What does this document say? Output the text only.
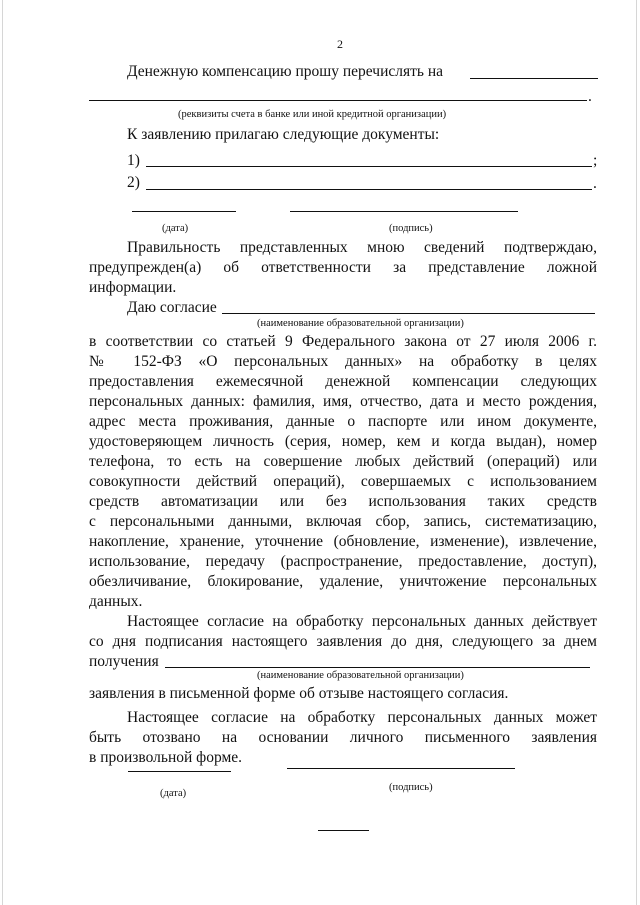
2
Денежную компенсацию прошу перечислять на
.
(реквизиты счета в банке или иной кредитной организации)
К заявлению прилагаю следующие документы:
1)	;
2)	.
(дата)	(подпись)
Правильность представленных мною сведений подтверждаю,
предупрежден(а) об ответственности за представление ложной
информации.
Даю согласие
(наименование образовательной организации)
в соответствии со статьей 9 Федерального закона от 27 июля 2006 г.
№ 152-ФЗ «О персональных данных» на обработку в целях
предоставления ежемесячной денежной компенсации следующих
персональных данных: фамилия, имя, отчество, дата и место рождения,
адрес места проживания, данные о паспорте или ином документе,
удостоверяющем личность (серия, номер, кем и когда выдан), номер
телефона, то есть на совершение любых действий (операций) или
совокупности действий операций), совершаемых с использованием
средств автоматизации или без использования таких средств
с персональными данными, включая сбор, запись, систематизацию,
накопление, хранение, уточнение (обновление, изменение), извлечение,
использование, передачу (распространение, предоставление, доступ),
обезличивание, блокирование, удаление, уничтожение персональных
данных.
Настоящее согласие на обработку персональных данных действует
со дня подписания настоящего заявления до дня, следующего за днем
получения
(наименование образовательной организации)
заявления в письменной форме об отзыве настоящего согласия.
Настоящее согласие на обработку персональных данных может
быть отозвано на основании личного письменного заявления
в произвольной форме.
(дата)
(подпись)
